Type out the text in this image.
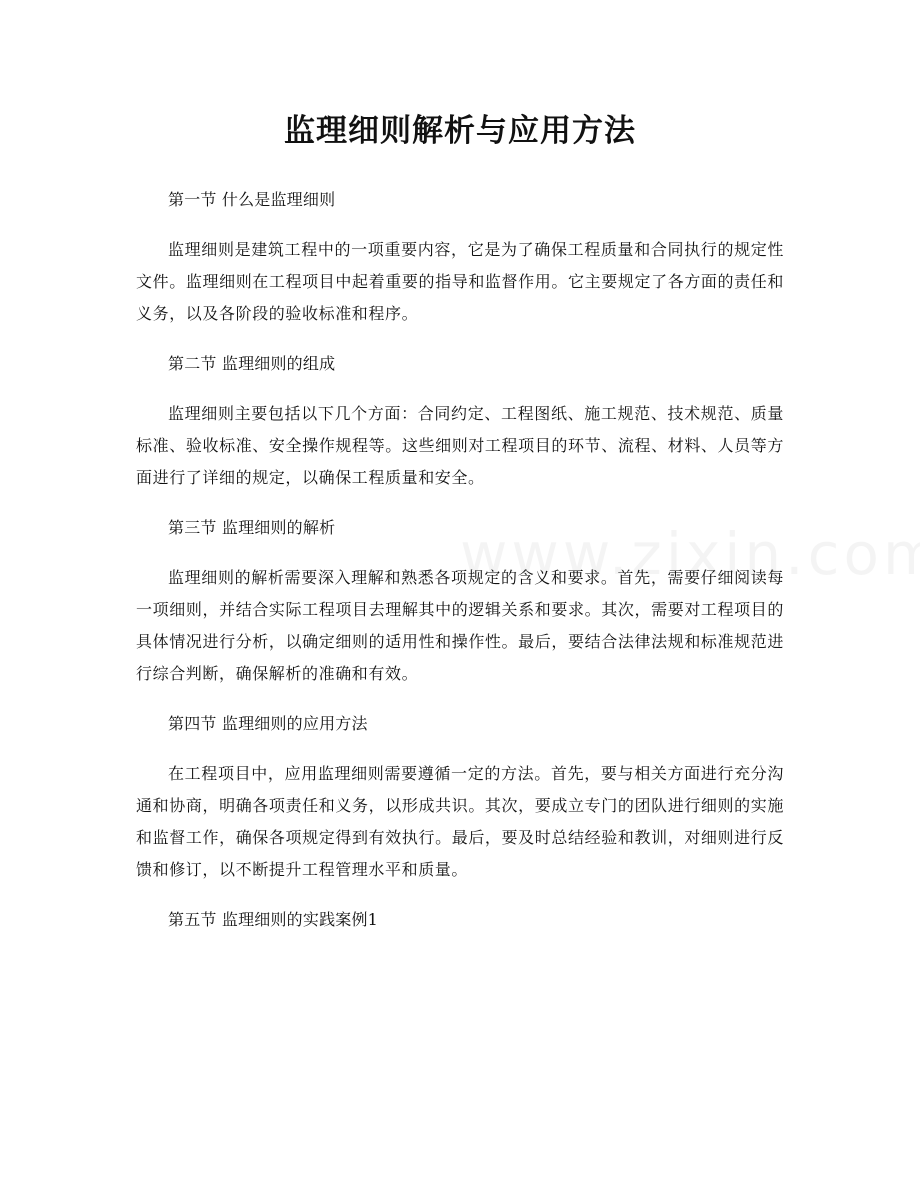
监理细则解析与应用方法
第一节 什么是监理细则

监理细则是建筑工程中的一项重要内容，它是为了确保工程质量和合同执行的规定性文件。监理细则在工程项目中起着重要的指导和监督作用。它主要规定了各方面的责任和义务，以及各阶段的验收标准和程序。

第二节 监理细则的组成

监理细则主要包括以下几个方面：合同约定、工程图纸、施工规范、技术规范、质量标准、验收标准、安全操作规程等。这些细则对工程项目的环节、流程、材料、人员等方面进行了详细的规定，以确保工程质量和安全。

第三节 监理细则的解析

监理细则的解析需要深入理解和熟悉各项规定的含义和要求。首先，需要仔细阅读每一项细则，并结合实际工程项目去理解其中的逻辑关系和要求。其次，需要对工程项目的具体情况进行分析，以确定细则的适用性和操作性。最后，要结合法律法规和标准规范进行综合判断，确保解析的准确和有效。

第四节 监理细则的应用方法

在工程项目中，应用监理细则需要遵循一定的方法。首先，要与相关方面进行充分沟通和协商，明确各项责任和义务，以形成共识。其次，要成立专门的团队进行细则的实施和监督工作，确保各项规定得到有效执行。最后，要及时总结经验和教训，对细则进行反馈和修订，以不断提升工程管理水平和质量。

第五节 监理细则的实践案例1
